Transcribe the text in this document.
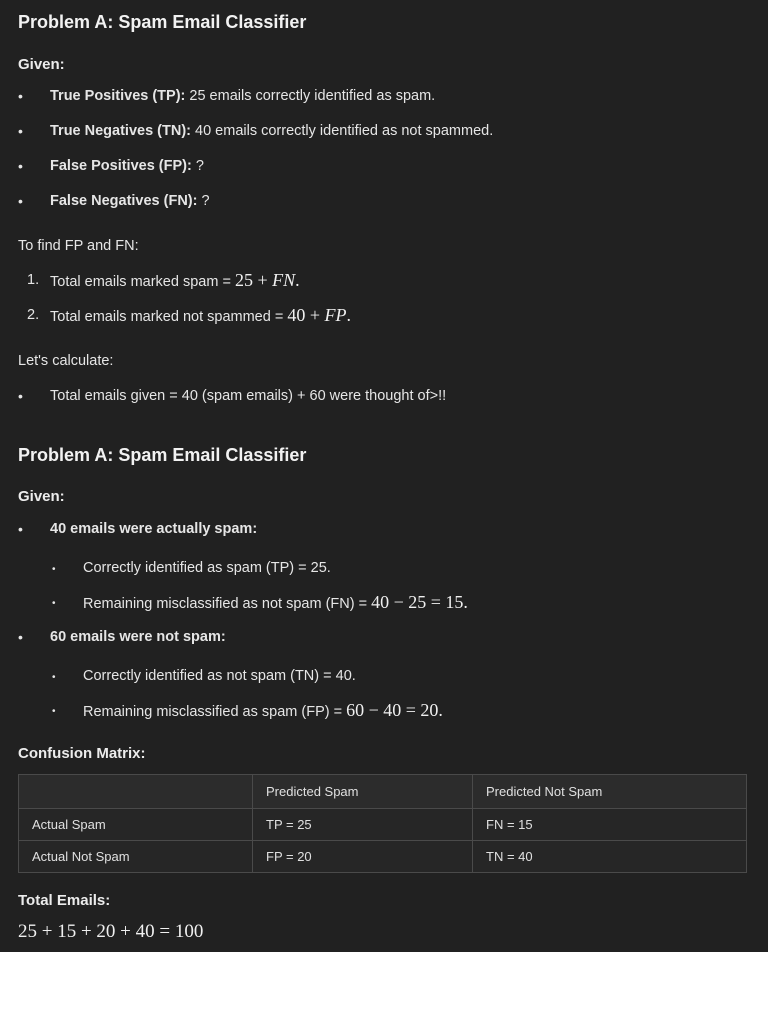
Problem A: Spam Email Classifier
Given:
• True Positives (TP): 25 emails correctly identified as spam.
• True Negatives (TN): 40 emails correctly identified as not spammed.
• False Positives (FP): ?
• False Negatives (FN): ?
To find FP and FN:
1. Total emails marked spam = 25 + FN.
2. Total emails marked not spammed = 40 + FP.
Let's calculate:
• Total emails given = 40 (spam emails) + 60 were thought of>!!
Problem A: Spam Email Classifier
Given:
• 40 emails were actually spam:
• Correctly identified as spam (TP) = 25.
• Remaining misclassified as not spam (FN) = 40 − 25 = 15.
• 60 emails were not spam:
• Correctly identified as not spam (TN) = 40.
• Remaining misclassified as spam (FP) = 60 − 40 = 20.
Confusion Matrix:
	Predicted Spam	Predicted Not Spam
Actual Spam	TP = 25	FN = 15
Actual Not Spam	FP = 20	TN = 40
Total Emails:
25 + 15 + 20 + 40 = 100
